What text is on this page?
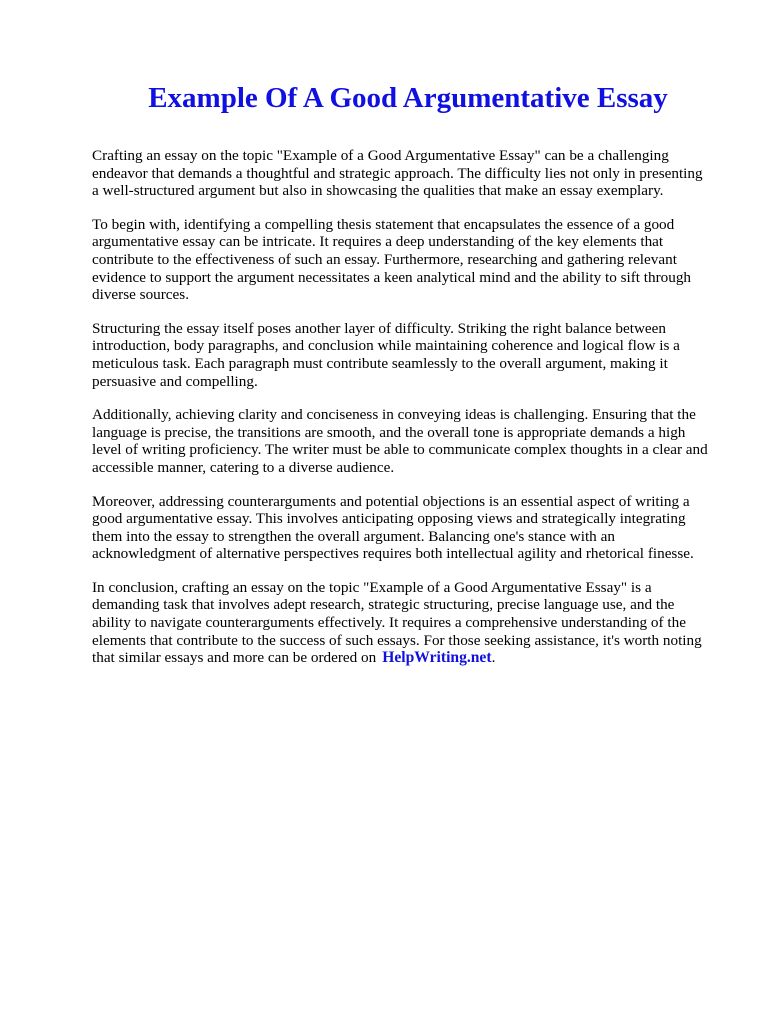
Example Of A Good Argumentative Essay

Crafting an essay on the topic "Example of a Good Argumentative Essay" can be a challenging
endeavor that demands a thoughtful and strategic approach. The difficulty lies not only in presenting
a well-structured argument but also in showcasing the qualities that make an essay exemplary.

To begin with, identifying a compelling thesis statement that encapsulates the essence of a good
argumentative essay can be intricate. It requires a deep understanding of the key elements that
contribute to the effectiveness of such an essay. Furthermore, researching and gathering relevant
evidence to support the argument necessitates a keen analytical mind and the ability to sift through
diverse sources.

Structuring the essay itself poses another layer of difficulty. Striking the right balance between
introduction, body paragraphs, and conclusion while maintaining coherence and logical flow is a
meticulous task. Each paragraph must contribute seamlessly to the overall argument, making it
persuasive and compelling.

Additionally, achieving clarity and conciseness in conveying ideas is challenging. Ensuring that the
language is precise, the transitions are smooth, and the overall tone is appropriate demands a high
level of writing proficiency. The writer must be able to communicate complex thoughts in a clear and
accessible manner, catering to a diverse audience.

Moreover, addressing counterarguments and potential objections is an essential aspect of writing a
good argumentative essay. This involves anticipating opposing views and strategically integrating
them into the essay to strengthen the overall argument. Balancing one's stance with an
acknowledgment of alternative perspectives requires both intellectual agility and rhetorical finesse.

In conclusion, crafting an essay on the topic "Example of a Good Argumentative Essay" is a
demanding task that involves adept research, strategic structuring, precise language use, and the
ability to navigate counterarguments effectively. It requires a comprehensive understanding of the
elements that contribute to the success of such essays. For those seeking assistance, it's worth noting
that similar essays and more can be ordered on HelpWriting.net.
